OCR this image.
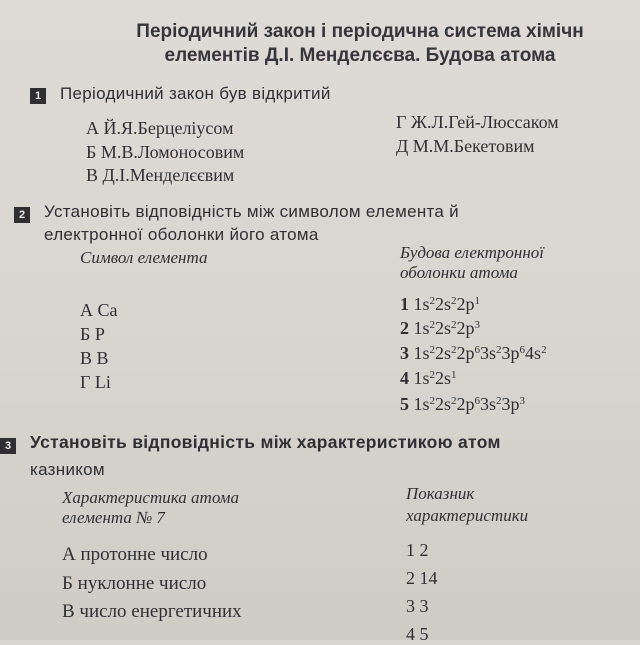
Періодичний закон і періодична система хімічн
елементів Д.І. Менделєєва. Будова атома
1 Періодичний закон був відкритий
А Й.Я.Берцеліусом
Б М.В.Ломоносовим
В Д.І.Менделєєвим
Г Ж.Л.Гей-Люссаком
Д М.М.Бекетовим
2 Установіть відповідність між символом елемента й
електронної оболонки його атома
Символ елемента	Будова електронної
оболонки атома
А Ca
Б P
В B
Г Li
1 $1s^22s^22p^1$
2 $1s^22s^22p^3$
3 $1s^22s^22p^63s^23p^64s^2$
4 $1s^22s^1$
5 $1s^22s^22p^63s^23p^3$
3 Установіть відповідність між характеристикою атом
казником
Характеристика атома
елемента № 7
Показник
характеристики
А протонне число
Б нуклонне число
В число енергетичних
1 2
2 14
3 3
4 5
